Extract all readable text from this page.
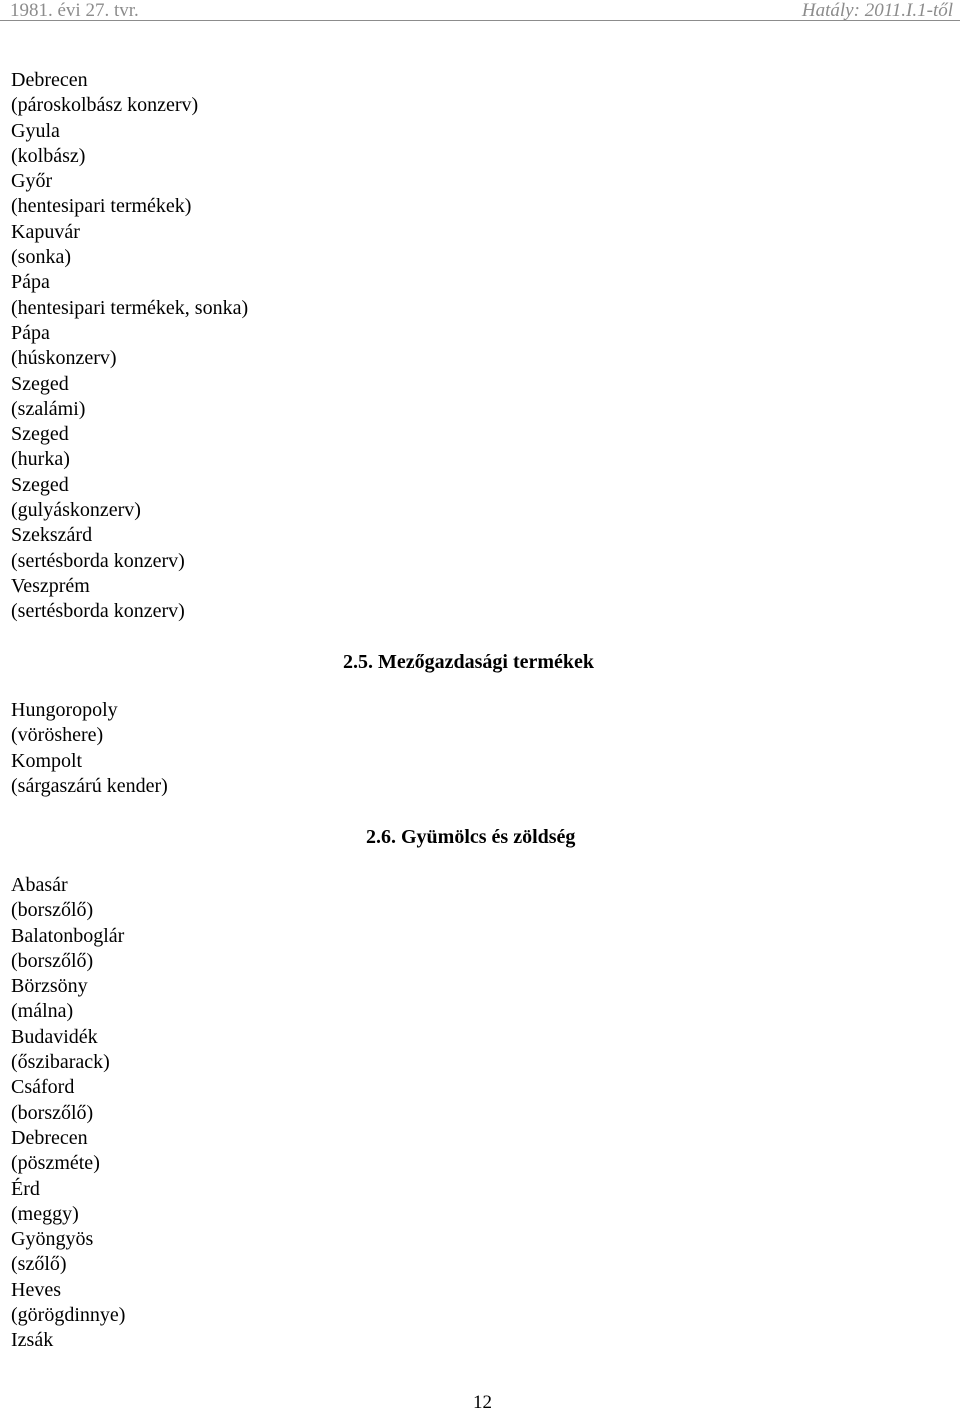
1981. évi 27. tvr.	Hatály: 2011.I.1-től
Debrecen
(pároskolbász konzerv)
Gyula
(kolbász)
Győr
(hentesipari termékek)
Kapuvár
(sonka)
Pápa
(hentesipari termékek, sonka)
Pápa
(húskonzerv)
Szeged
(szalámi)
Szeged
(hurka)
Szeged
(gulyáskonzerv)
Szekszárd
(sertésborda konzerv)
Veszprém
(sertésborda konzerv)
2.5. Mezőgazdasági termékek
Hungoropoly
(vöröshere)
Kompolt
(sárgaszárú kender)
2.6. Gyümölcs és zöldség
Abasár
(borszőlő)
Balatonboglár
(borszőlő)
Börzsöny
(málna)
Budavidék
(őszibarack)
Csáford
(borszőlő)
Debrecen
(pöszméte)
Érd
(meggy)
Gyöngyös
(szőlő)
Heves
(görögdinnye)
Izsák
12
